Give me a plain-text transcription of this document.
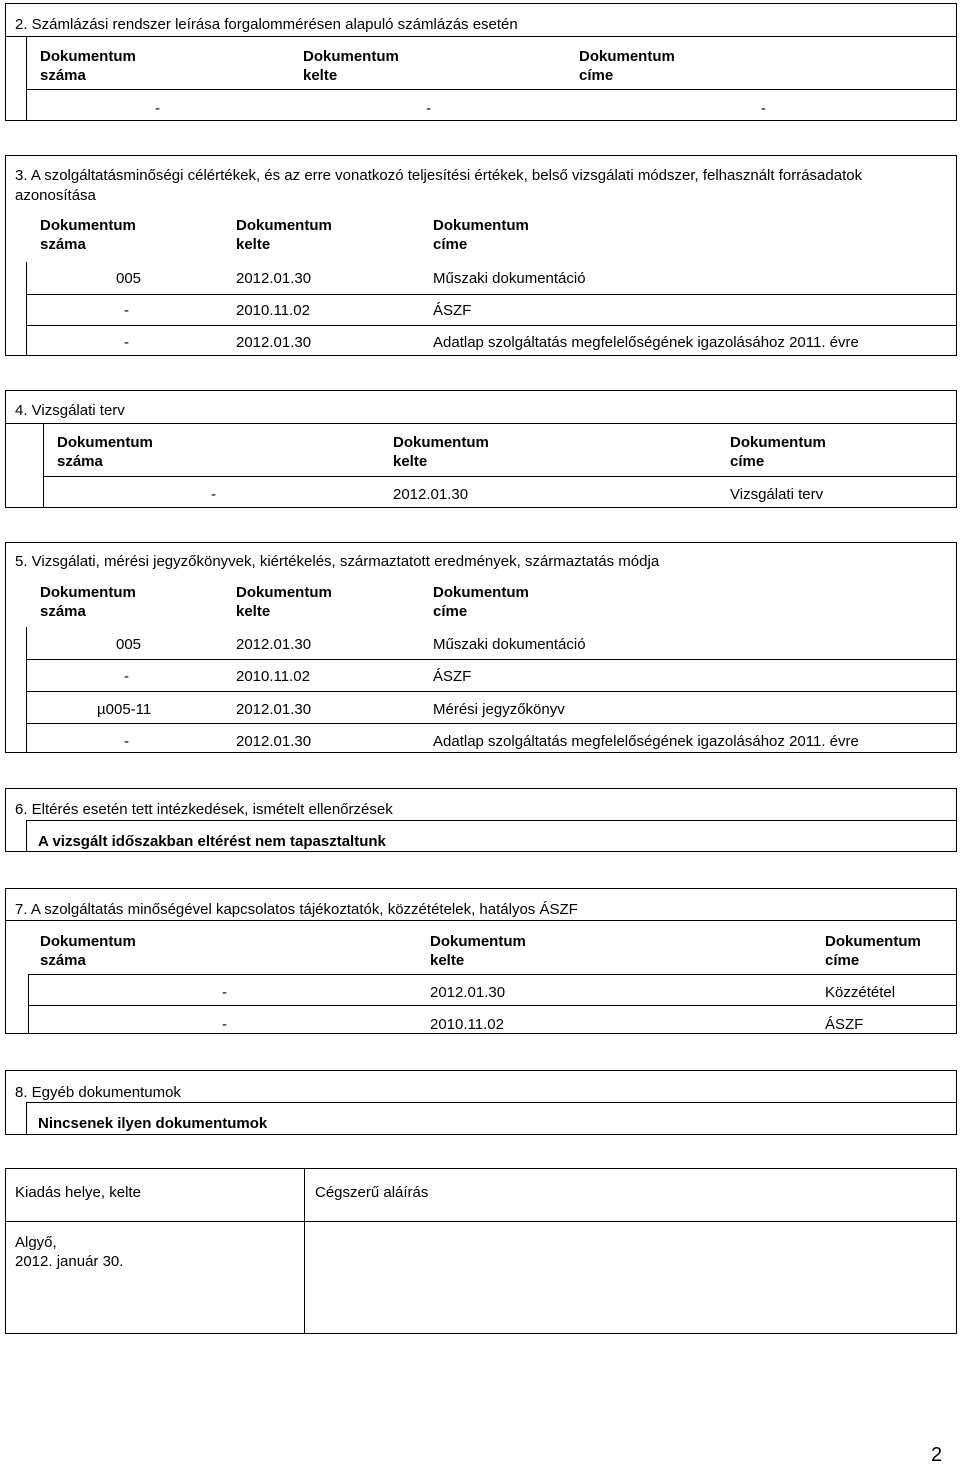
2. Számlázási rendszer leírása forgalommérésen alapuló számlázás esetén
Dokumentum
száma
Dokumentum
kelte
Dokumentum
címe
-	-	-
3. A szolgáltatásminőségi célértékek, és az erre vonatkozó teljesítési értékek, belső vizsgálati módszer, felhasznált forrásadatok
azonosítása
Dokumentum
száma
Dokumentum
kelte
Dokumentum
címe
005	2012.01.30	Műszaki dokumentáció
-	2010.11.02	ÁSZF
-	2012.01.30	Adatlap szolgáltatás megfelelőségének igazolásához 2011. évre
4. Vizsgálati terv
Dokumentum
száma
Dokumentum
kelte
Dokumentum
címe
-	2012.01.30	Vizsgálati terv
5. Vizsgálati, mérési jegyzőkönyvek, kiértékelés, származtatott eredmények, származtatás módja
Dokumentum
száma
Dokumentum
kelte
Dokumentum
címe
005	2012.01.30	Műszaki dokumentáció
-	2010.11.02	ÁSZF
µ005-11	2012.01.30	Mérési jegyzőkönyv
-	2012.01.30	Adatlap szolgáltatás megfelelőségének igazolásához 2011. évre
6. Eltérés esetén tett intézkedések, ismételt ellenőrzések
A vizsgált időszakban eltérést nem tapasztaltunk
7. A szolgáltatás minőségével kapcsolatos tájékoztatók, közzétételek, hatályos ÁSZF
Dokumentum
száma
Dokumentum
kelte
Dokumentum
címe
-	2012.01.30	Közzététel
-	2010.11.02	ÁSZF
8. Egyéb dokumentumok
Nincsenek ilyen dokumentumok
Kiadás helye, kelte	Cégszerű aláírás
Algyő,
2012. január 30.
2
